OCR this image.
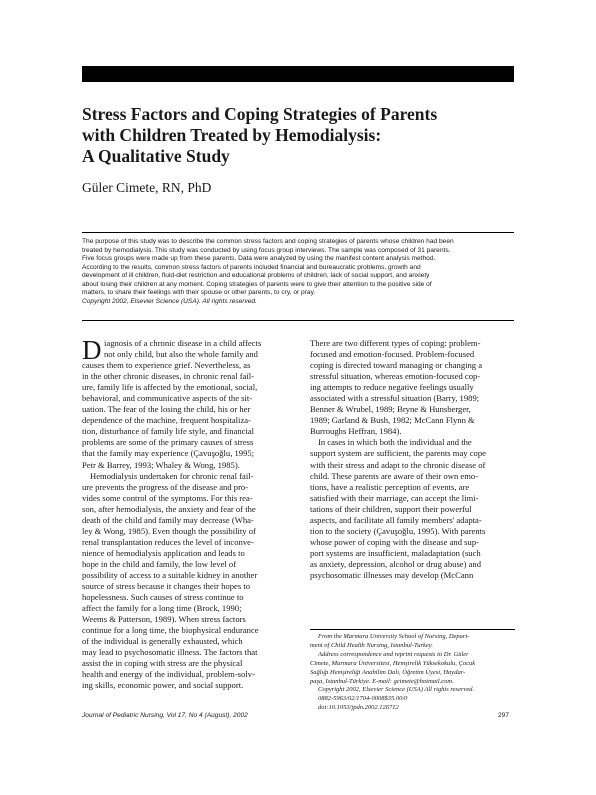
Stress Factors and Coping Strategies of Parents
with Children Treated by Hemodialysis:
A Qualitative Study
Güler Cimete, RN, PhD
The purpose of this study was to describe the common stress factors and coping strategies of parents whose children had been
treated by hemodialysis. This study was conducted by using focus group interviews. The sample was composed of 31 parents.
Five focus groups were made up from these parents. Data were analyzed by using the manifest content analysis method.
According to the results, common stress factors of parents included financial and bureaucratic problems, growth and
development of ill children, fluid-diet restriction and educational problems of children, lack of social support, and anxiety
about losing their children at any moment. Coping strategies of parents were to give their attention to the positive side of
matters, to share their feelings with their spouse or other parents, to cry, or pray.
Copyright 2002, Elsevier Science (USA). All rights reserved.
D iagnosis of a chronic disease in a child affects
not only child, but also the whole family and
causes them to experience grief. Nevertheless, as
in the other chronic diseases, in chronic renal fail-
ure, family life is affected by the emotional, social,
behavioral, and communicative aspects of the sit-
uation. The fear of the losing the child, his or her
dependence of the machine, frequent hospitaliza-
tion, disturbance of family life style, and financial
problems are some of the primary causes of stress
that the family may experience (Çavuşoğlu, 1995;
Petr & Barrey, 1993; Whaley & Wong, 1985).
Hemodialysis undertaken for chronic renal fail-
ure prevents the progress of the disease and pro-
vides some control of the symptoms. For this rea-
son, after hemodialysis, the anxiety and fear of the
death of the child and family may decrease (Wha-
ley & Wong, 1985). Even though the possibility of
renal transplantation reduces the level of inconve-
nience of hemodialysis application and leads to
hope in the child and family, the low level of
possibility of access to a suitable kidney in another
source of stress because it changes their hopes to
hopelessness. Such causes of stress continue to
affect the family for a long time (Brock, 1990;
Weems & Patterson, 1989). When stress factors
continue for a long time, the biophysical endurance
of the individual is generally exhausted, which
may lead to psychosomatic illness. The factors that
assist the in coping with stress are the physical
health and energy of the individual, problem-solv-
ing skills, economic power, and social support.
There are two different types of coping: problem-
focused and emotion-focused. Problem-focused
coping is directed toward managing or changing a
stressful situation, whereas emotion-focused cop-
ing attempts to reduce negative feelings usually
associated with a stressful situation (Barry, 1989;
Benner & Wrubel, 1989; Bryne & Hunsberger,
1989; Garland & Bush, 1982; McCann Flynn &
Burroughs Heffran, 1984).
In cases in which both the individual and the
support system are sufficient, the parents may cope
with their stress and adapt to the chronic disease of
child. These parents are aware of their own emo-
tions, have a realistic perception of events, are
satisfied with their marriage, can accept the limi-
tations of their children, support their powerful
aspects, and facilitate all family members' adapta-
tion to the society (Çavuşoğlu, 1995). With parents
whose power of coping with the disease and sup-
port systems are insufficient, maladaptation (such
as anxiety, depression, alcohol or drug abuse) and
psychosomatic illnesses may develop (McCann
From the Marmara University School of Nursing, Depart-
ment of Child Health Nursing, Istanbul-Turkey.
Address correspondence and reprint requests to Dr. Güler
Cimete, Marmara Üniversitesi, Hemşirelik Yüksekokulu, Çocuk
Sağlığı Hemşireliği Anabilim Dalı, Öğretim Üyesi, Haydar-
paşa, Istanbul-Türkiye. E-mail: gcimete@hotmail.com.
Copyright 2002, Elsevier Science (USA) All rights reserved.
0882-5963/02/1704-0008$35.00/0
doi:10.1053/jpdn.2002.126712
Journal of Pediatric Nursing, Vol 17, No 4 (August), 2002	297
